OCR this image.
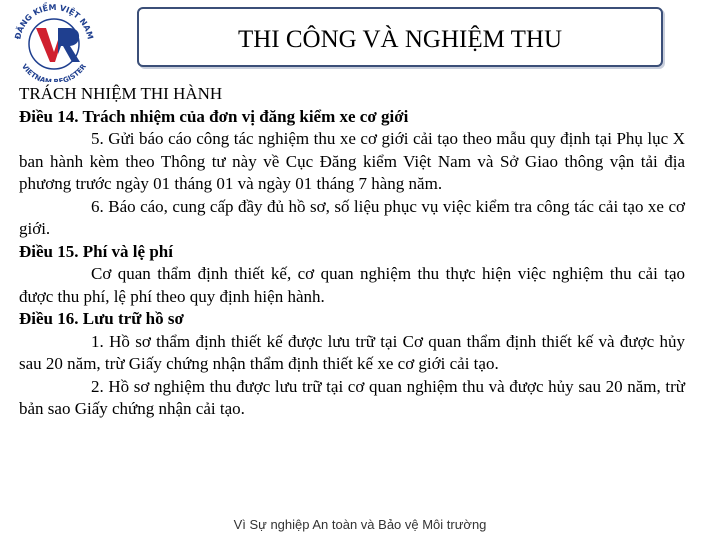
ĐĂNG KIỂM VIỆT NAM
VIETNAM REGISTER
THI CÔNG VÀ NGHIỆM THU

TRÁCH NHIỆM THI HÀNH

Điều 14. Trách nhiệm của đơn vị đăng kiểm xe cơ giới

5. Gửi báo cáo công tác nghiệm thu xe cơ giới cải tạo theo mẫu quy định tại Phụ lục X ban hành kèm theo Thông tư này về Cục Đăng kiểm Việt Nam và Sở Giao thông vận tải địa phương trước ngày 01 tháng 01 và ngày 01 tháng 7 hàng năm.

6. Báo cáo, cung cấp đầy đủ hồ sơ, số liệu phục vụ việc kiểm tra công tác cải tạo xe cơ giới.

Điều 15. Phí và lệ phí

Cơ quan thẩm định thiết kế, cơ quan nghiệm thu thực hiện việc nghiệm thu cải tạo được thu phí, lệ phí theo quy định hiện hành.

Điều 16. Lưu trữ hồ sơ

1. Hồ sơ thẩm định thiết kế được lưu trữ tại Cơ quan thẩm định thiết kế và được hủy sau 20 năm, trừ Giấy chứng nhận thẩm định thiết kế xe cơ giới cải tạo.

2. Hồ sơ nghiệm thu được lưu trữ tại cơ quan nghiệm thu và được hủy sau 20 năm, trừ bản sao Giấy chứng nhận cải tạo.

Vì Sự nghiệp An toàn và Bảo vệ Môi trường
